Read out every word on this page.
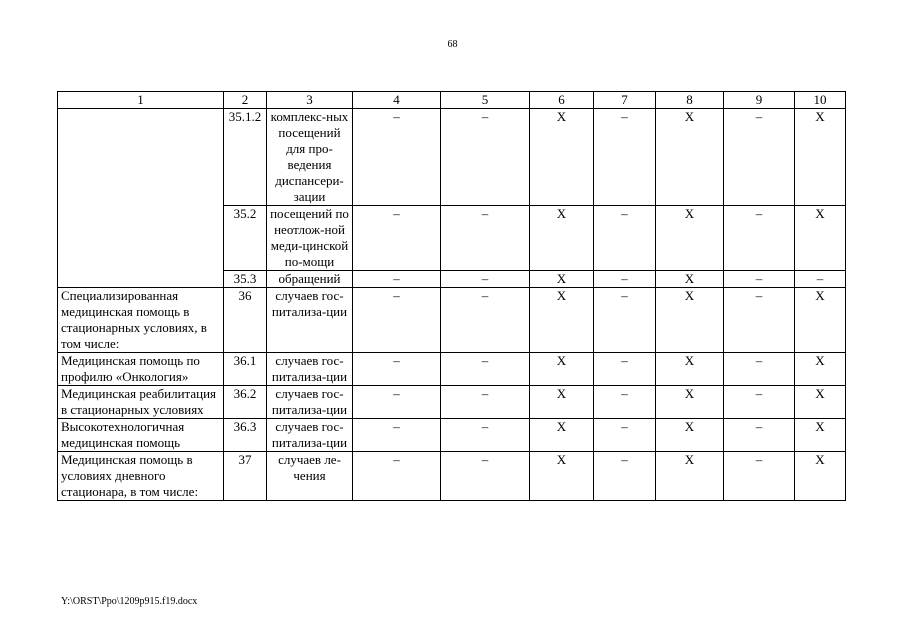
68
1	2	3	4	5	6	7	8	9	10
	35.1.2	комплекс-ных посещений для про-ведения диспансери-зации	–	–	Х	–	Х	–	Х
	35.2	посещений по неотлож-ной меди-цинской по-мощи	–	–	Х	–	Х	–	Х
	35.3	обращений	–	–	Х	–	Х	–	–
Специализированная медицинская помощь в стационарных условиях, в том числе:	36	случаев гос-питализа-ции	–	–	Х	–	Х	–	Х
Медицинская помощь по профилю «Онкология»	36.1	случаев гос-питализа-ции	–	–	Х	–	Х	–	Х
Медицинская реабилитация в стационарных условиях	36.2	случаев гос-питализа-ции	–	–	Х	–	Х	–	Х
Высокотехнологичная медицинская помощь	36.3	случаев гос-питализа-ции	–	–	Х	–	Х	–	Х
Медицинская помощь в условиях дневного стационара, в том числе:	37	случаев ле-чения	–	–	Х	–	Х	–	Х
Y:\ORST\Ppo\1209p915.f19.docx
